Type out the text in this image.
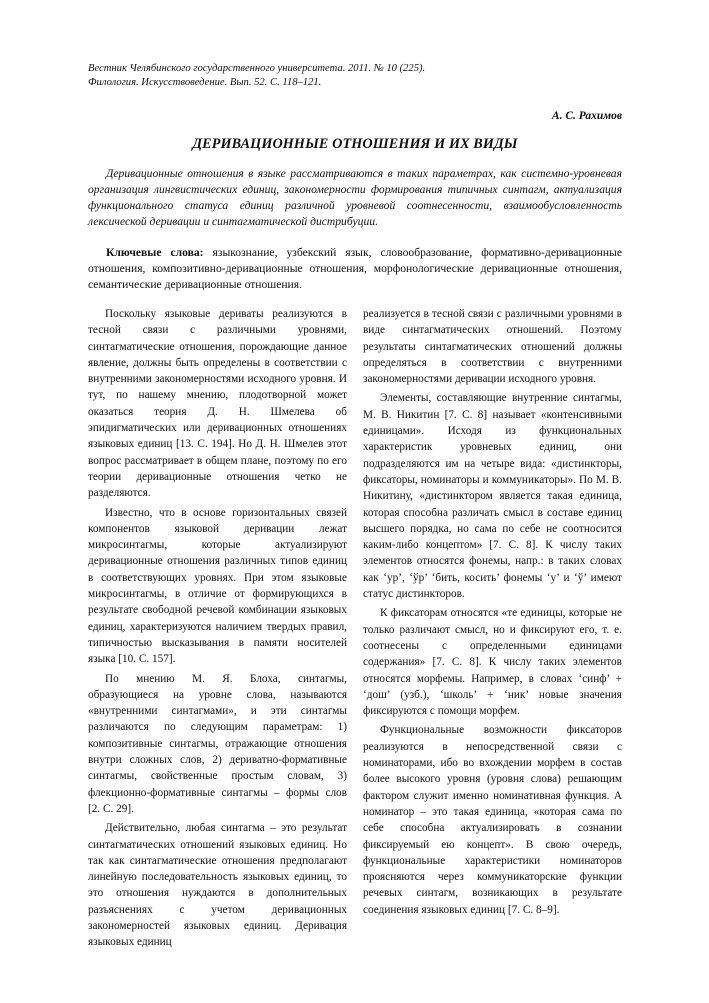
Вестник Челябинского государственного университета. 2011. № 10 (225).
Филология. Искусствоведение. Вып. 52. С. 118–121.
А. С. Рахимов
ДЕРИВАЦИОННЫЕ ОТНОШЕНИЯ И ИХ ВИДЫ
Деривационные отношения в языке рассматриваются в таких параметрах, как системно-уровневая организация лингвистических единиц, закономерности формирования типичных синтагм, актуализация функционального статуса единиц различной уровневой соотнесенности, взаимообусловленность лексической деривации и синтагматической дистрибуции.
Ключевые слова: языкознание, узбекский язык, словообразование, формативно-деривационные отношения, композитивно-деривационные отношения, морфонологические деривационные отношения, семантические деривационные отношения.

Поскольку языковые дериваты реализуются в тесной связи с различными уровнями, синтагматические отношения, порождающие данное явление, должны быть определены в соответствии с внутренними закономерностями исходного уровня. И тут, по нашему мнению, плодотворной может оказаться теория Д. Н. Шмелева об эпидигматических или деривационных отношениях языковых единиц [13. С. 194]. Но Д. Н. Шмелев этот вопрос рассматривает в общем плане, поэтому по его теории деривационные отношения четко не разделяются.

Известно, что в основе горизонтальных связей компонентов языковой деривации лежат микросинтагмы, которые актуализируют деривационные отношения различных типов единиц в соответствующих уровнях. При этом языковые микросинтагмы, в отличие от формирующихся в результате свободной речевой комбинации языковых единиц, характеризуются наличием твердых правил, типичностью высказывания в памяти носителей языка [10. С. 157].

По мнению М. Я. Блоха, синтагмы, образующиеся на уровне слова, называются «внутренними синтагмами», и эти синтагмы различаются по следующим параметрам: 1) композитивные синтагмы, отражающие отношения внутри сложных слов, 2) дериватно-формативные синтагмы, свойственные простым словам, 3) флекционно-формативные синтагмы – формы слов [2. С. 29].

Действительно, любая синтагма – это результат синтагматических отношений языковых единиц. Но так как синтагматические отношения предполагают линейную последовательность языковых единиц, то это отношения нуждаются в дополнительных разъяснениях с учетом деривационных закономерностей языковых единиц. Деривация языковых единиц

реализуется в тесной связи с различными уровнями в виде синтагматических отношений. Поэтому результаты синтагматических отношений должны определяться в соответствии с внутренними закономерностями деривации исходного уровня.

Элементы, составляющие внутренние синтагмы, М. В. Никитин [7. С. 8] называет «контенсивными единицами». Исходя из функциональных характеристик уровневых единиц, они подразделяются им на четыре вида: «дистинкторы, фиксаторы, номинаторы и коммуникаторы». По М. В. Никитину, «дистинктором является такая единица, которая способна различать смысл в составе единиц высшего порядка, но сама по себе не соотносится каким-либо концептом» [7. С. 8]. К числу таких элементов относятся фонемы, напр.: в таких словах как ‘ур’, ‘ўр’ ‘бить, косить’ фонемы ‘у’ и ‘ў’ имеют статус дистинкторов.

К фиксаторам относятся «те единицы, которые не только различают смысл, но и фиксируют его, т. е. соотнесены с определенными единицами содержания» [7. С. 8]. К числу таких элементов относятся морфемы. Например, в словах ‘синф’ + ‘дош’ (узб.), ‘школь’ + ‘ник’ новые значения фиксируются с помощи морфем.

Функциональные возможности фиксаторов реализуются в непосредственной связи с номинаторами, ибо во вхождении морфем в состав более высокого уровня (уровня слова) решающим фактором служит именно номинативная функция. А номинатор – это такая единица, «которая сама по себе способна актуализировать в сознании фиксируемый ею концепт». В свою очередь, функциональные характеристики номинаторов проясняются через коммуникаторские функции речевых синтагм, возникающих в результате соединения языковых единиц [7. С. 8–9].
